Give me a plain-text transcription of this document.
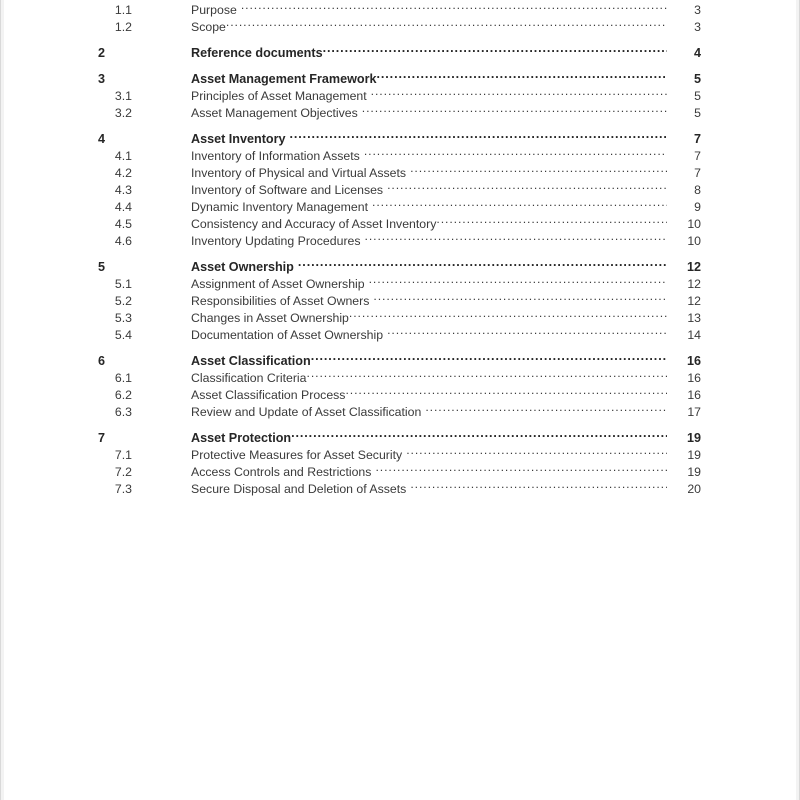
1.1	Purpose .....	3
1.2	Scope .....	3
2	Reference documents .....	4
3	Asset Management Framework .....	5
3.1	Principles of Asset Management .....	5
3.2	Asset Management Objectives .....	5
4	Asset Inventory .....	7
4.1	Inventory of Information Assets .....	7
4.2	Inventory of Physical and Virtual Assets .....	7
4.3	Inventory of Software and Licenses .....	8
4.4	Dynamic Inventory Management .....	9
4.5	Consistency and Accuracy of Asset Inventory .....	10
4.6	Inventory Updating Procedures .....	10
5	Asset Ownership .....	12
5.1	Assignment of Asset Ownership .....	12
5.2	Responsibilities of Asset Owners .....	12
5.3	Changes in Asset Ownership .....	13
5.4	Documentation of Asset Ownership .....	14
6	Asset Classification .....	16
6.1	Classification Criteria .....	16
6.2	Asset Classification Process .....	16
6.3	Review and Update of Asset Classification .....	17
7	Asset Protection .....	19
7.1	Protective Measures for Asset Security .....	19
7.2	Access Controls and Restrictions .....	19
7.3	Secure Disposal and Deletion of Assets .....	20
